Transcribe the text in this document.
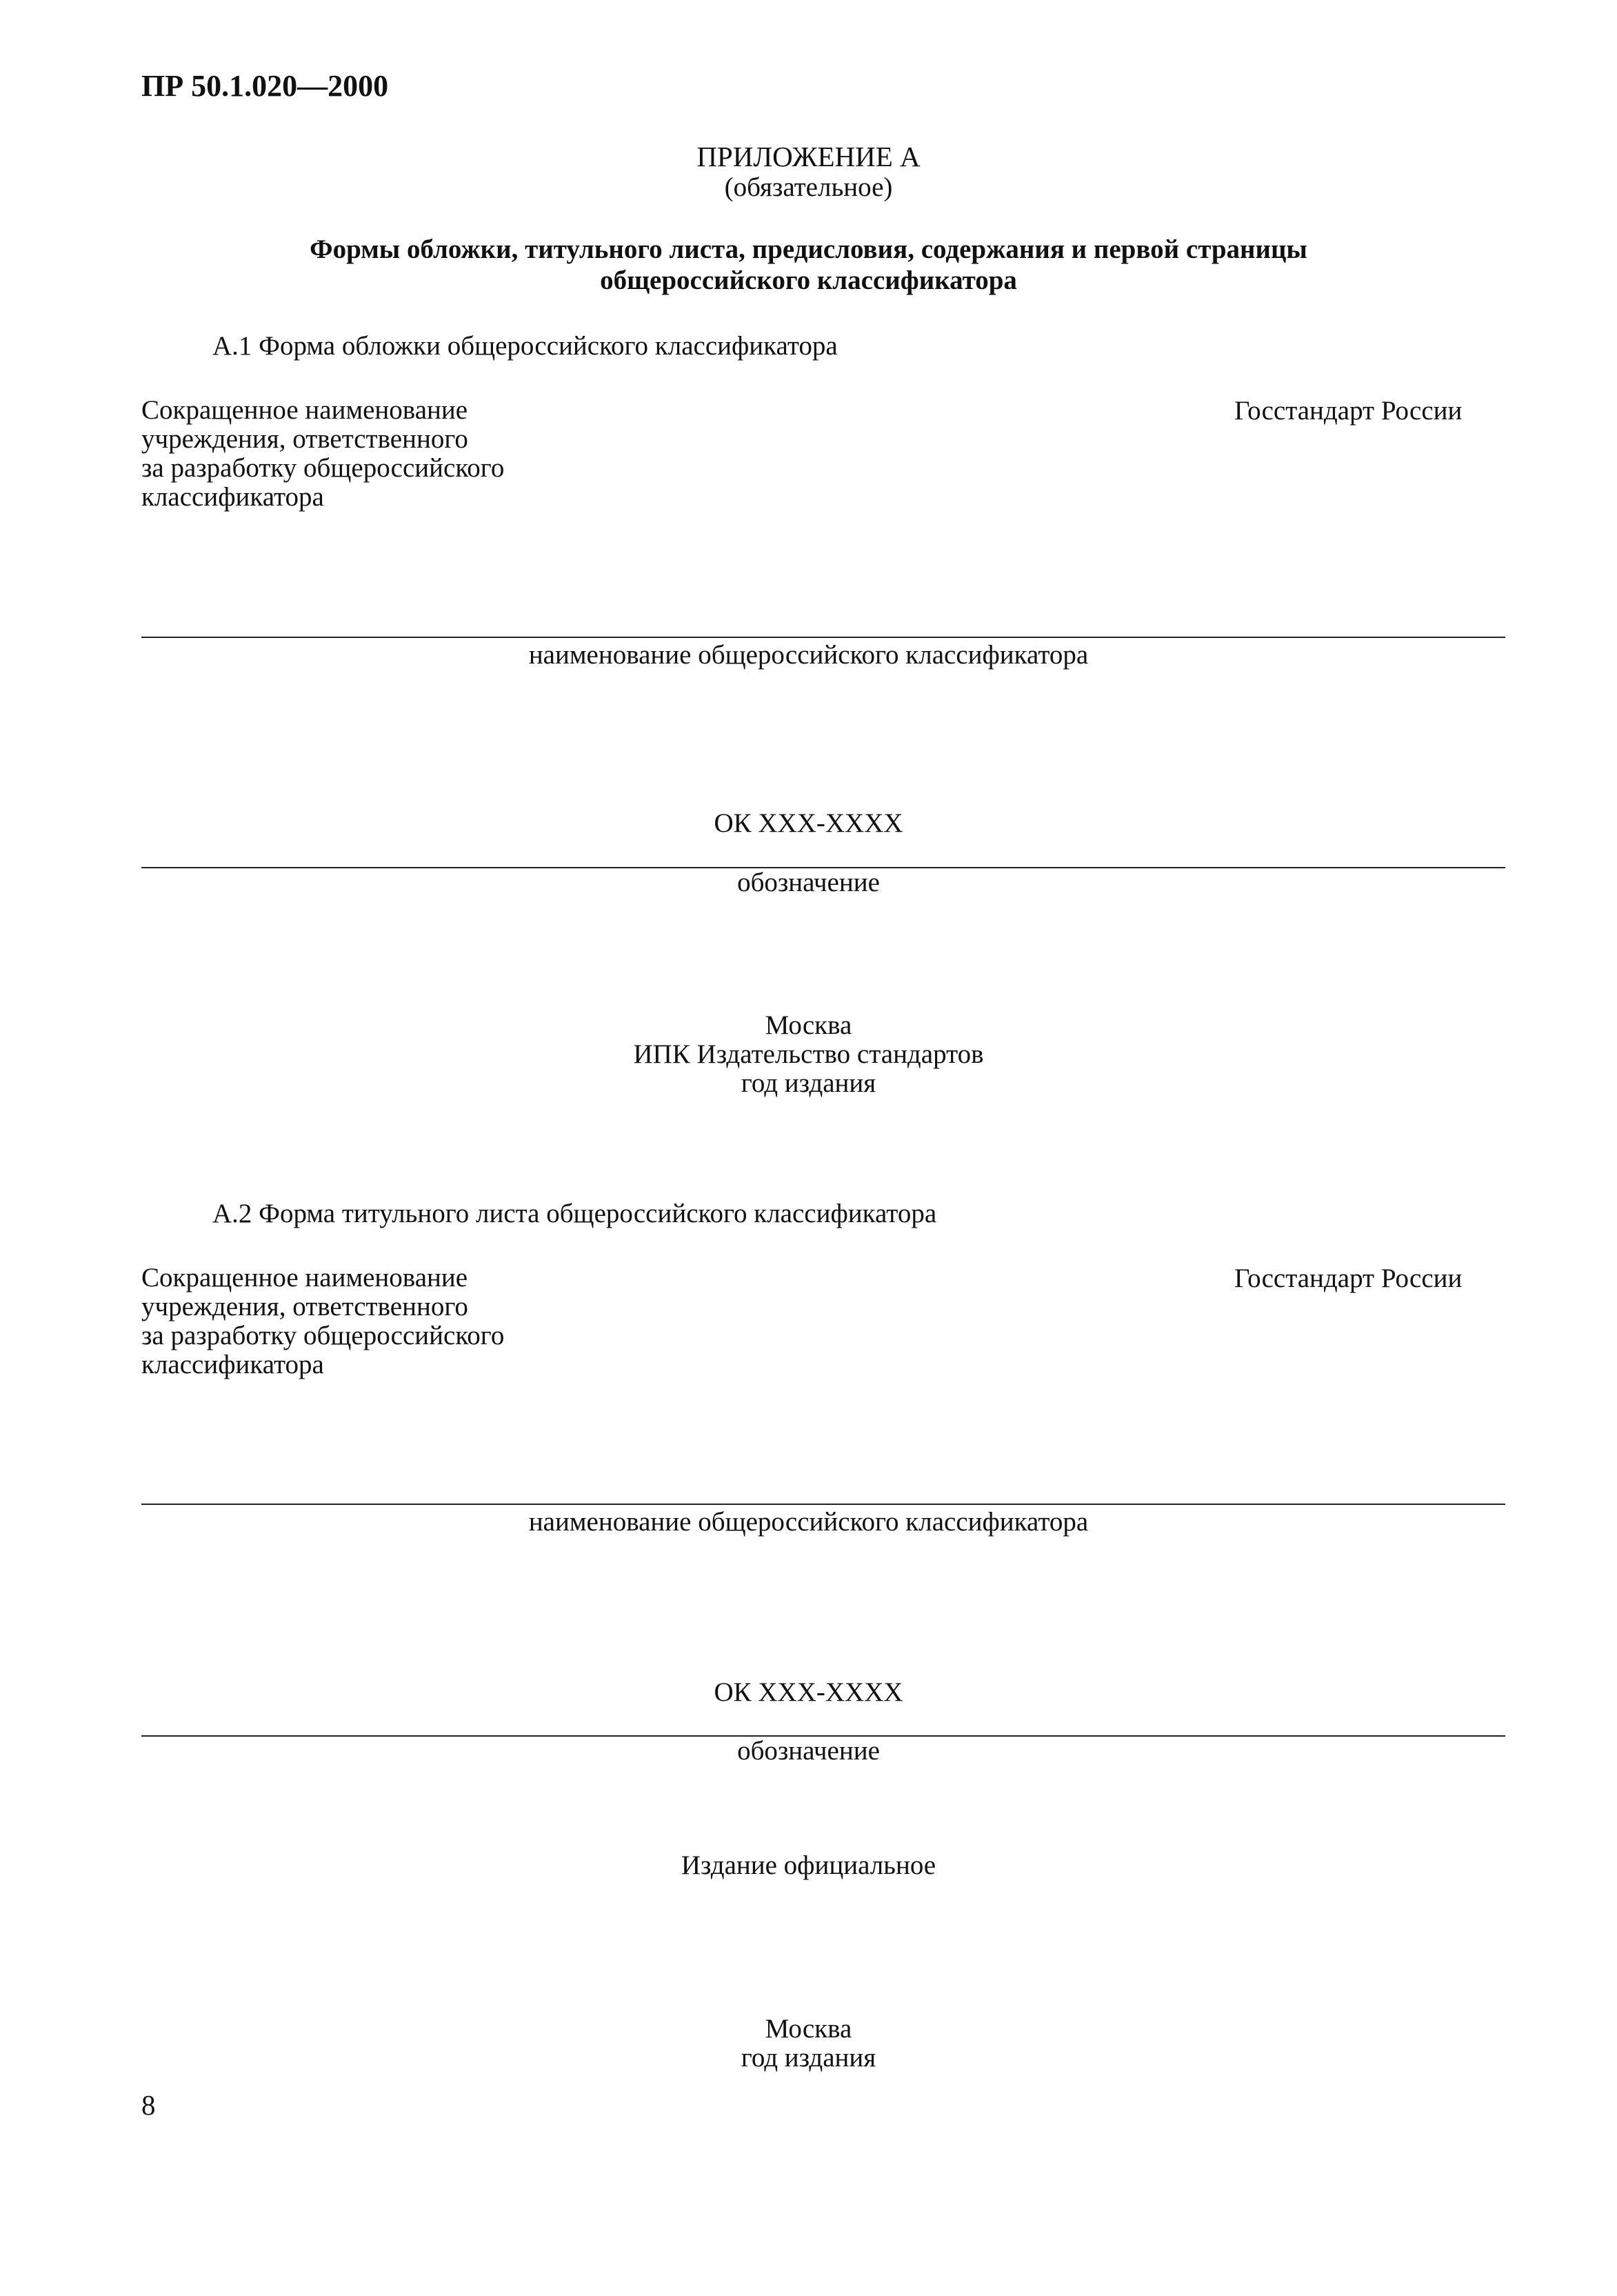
ПР 50.1.020—2000
ПРИЛОЖЕНИЕ А
(обязательное)
Формы обложки, титульного листа, предисловия, содержания и первой страницы
общероссийского классификатора
А.1 Форма обложки общероссийского классификатора
Сокращенное наименование
учреждения, ответственного
за разработку общероссийского
классификатора
Госстандарт России
наименование общероссийского классификатора
ОК XXX-XXXX
обозначение
Москва
ИПК Издательство стандартов
год издания
А.2 Форма титульного листа общероссийского классификатора
Сокращенное наименование
учреждения, ответственного
за разработку общероссийского
классификатора
Госстандарт России
наименование общероссийского классификатора
ОК XXX-XXXX
обозначение
Издание официальное
Москва
год издания
8
